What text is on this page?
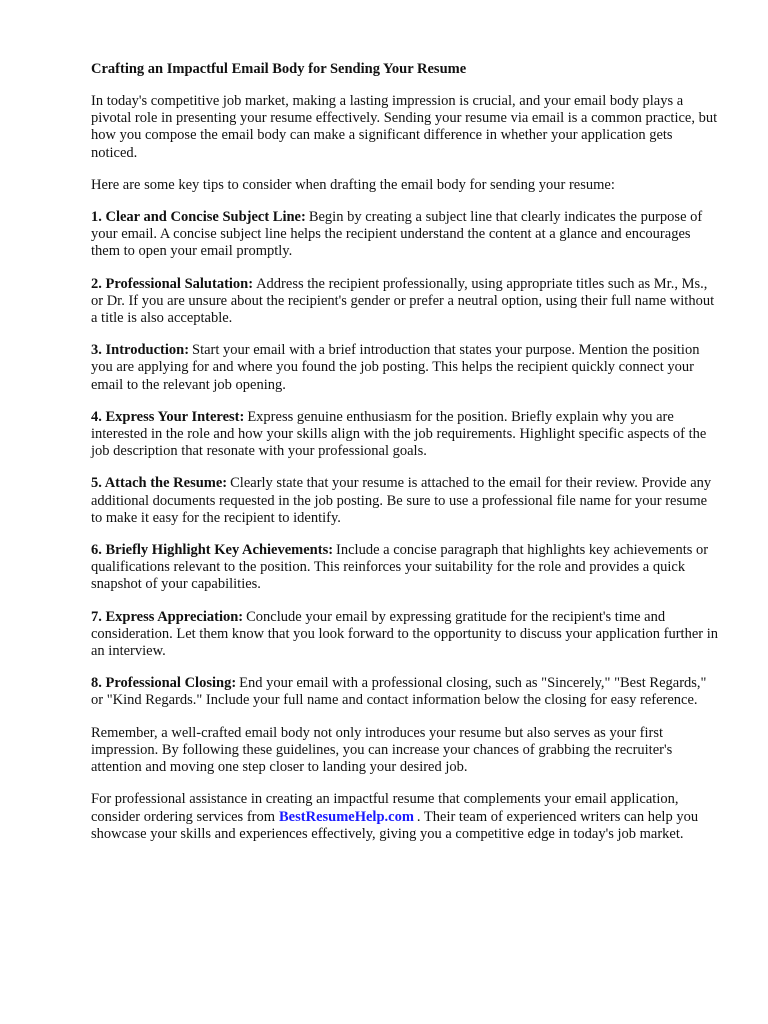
Crafting an Impactful Email Body for Sending Your Resume

In today's competitive job market, making a lasting impression is crucial, and your email body plays a pivotal role in presenting your resume effectively. Sending your resume via email is a common practice, but how you compose the email body can make a significant difference in whether your application gets noticed.

Here are some key tips to consider when drafting the email body for sending your resume:

1. Clear and Concise Subject Line: Begin by creating a subject line that clearly indicates the purpose of your email. A concise subject line helps the recipient understand the content at a glance and encourages them to open your email promptly.

2. Professional Salutation: Address the recipient professionally, using appropriate titles such as Mr., Ms., or Dr. If you are unsure about the recipient's gender or prefer a neutral option, using their full name without a title is also acceptable.

3. Introduction: Start your email with a brief introduction that states your purpose. Mention the position you are applying for and where you found the job posting. This helps the recipient quickly connect your email to the relevant job opening.

4. Express Your Interest: Express genuine enthusiasm for the position. Briefly explain why you are interested in the role and how your skills align with the job requirements. Highlight specific aspects of the job description that resonate with your professional goals.

5. Attach the Resume: Clearly state that your resume is attached to the email for their review. Provide any additional documents requested in the job posting. Be sure to use a professional file name for your resume to make it easy for the recipient to identify.

6. Briefly Highlight Key Achievements: Include a concise paragraph that highlights key achievements or qualifications relevant to the position. This reinforces your suitability for the role and provides a quick snapshot of your capabilities.

7. Express Appreciation: Conclude your email by expressing gratitude for the recipient's time and consideration. Let them know that you look forward to the opportunity to discuss your application further in an interview.

8. Professional Closing: End your email with a professional closing, such as "Sincerely," "Best Regards," or "Kind Regards." Include your full name and contact information below the closing for easy reference.

Remember, a well-crafted email body not only introduces your resume but also serves as your first impression. By following these guidelines, you can increase your chances of grabbing the recruiter's attention and moving one step closer to landing your desired job.

For professional assistance in creating an impactful resume that complements your email application, consider ordering services from BestResumeHelp.com . Their team of experienced writers can help you showcase your skills and experiences effectively, giving you a competitive edge in today's job market.
